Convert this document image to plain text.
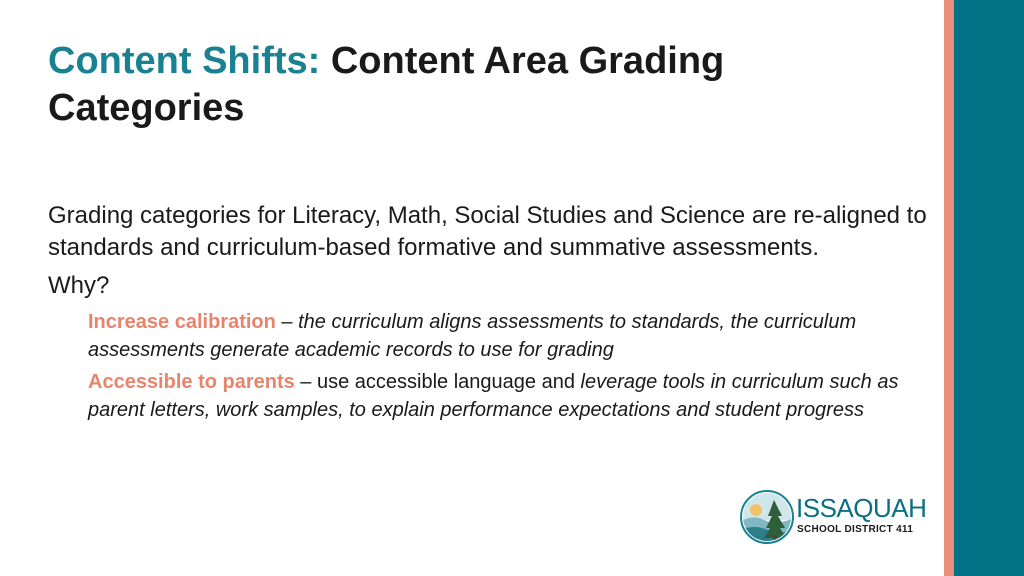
Content Shifts: Content Area Grading Categories

Grading categories for Literacy, Math, Social Studies and Science are re-aligned to standards and curriculum-based formative and summative assessments.

Why?

Increase calibration – the curriculum aligns assessments to standards, the curriculum assessments generate academic records to use for grading
Accessible to parents – use accessible language and leverage tools in curriculum such as parent letters, work samples, to explain performance expectations and student progress
ISSAQUAH
SCHOOL DISTRICT 411
